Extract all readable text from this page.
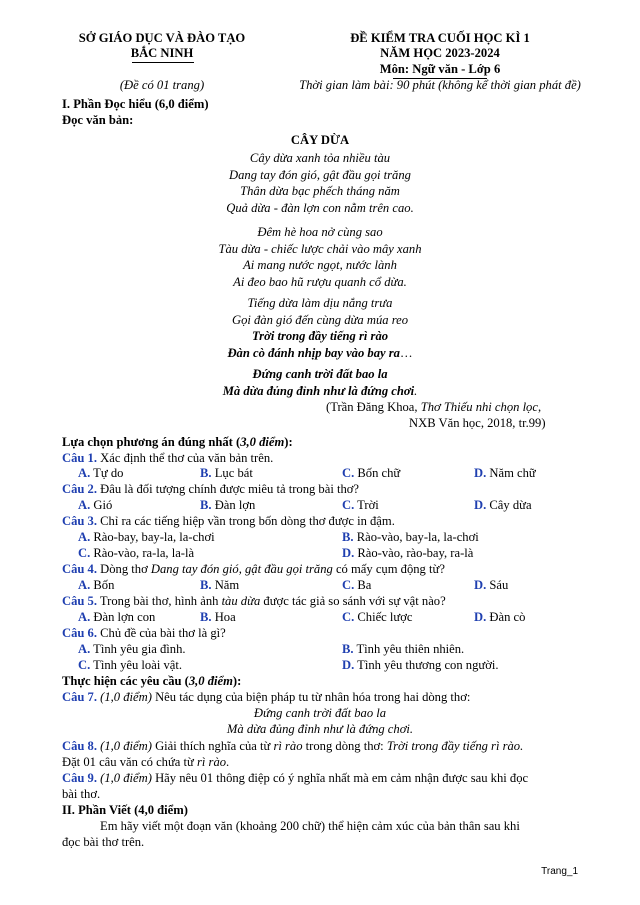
SỞ GIÁO DỤC VÀ ĐÀO TẠO
BẮC NINH
(Đề có 01 trang)
ĐỀ KIỂM TRA CUỐI HỌC KÌ 1
NĂM HỌC 2023-2024
Môn: Ngữ văn - Lớp 6
Thời gian làm bài: 90 phút (không kể thời gian phát đề)
I. Phần Đọc hiểu (6,0 điểm)
Đọc văn bản:
CÂY DỪA
Cây dừa xanh tỏa nhiều tàu
Dang tay đón gió, gật đầu gọi trăng
Thân dừa bạc phếch tháng năm
Quả dừa - đàn lợn con nằm trên cao.
Đêm hè hoa nở cùng sao
Tàu dừa - chiếc lược chải vào mây xanh
Ai mang nước ngọt, nước lành
Ai đeo bao hũ rượu quanh cổ dừa.
Tiếng dừa làm dịu nắng trưa
Gọi đàn gió đến cùng dừa múa reo
Trời trong đầy tiếng rì rào
Đàn cò đánh nhịp bay vào bay ra…
Đứng canh trời đất bao la
Mà dừa đủng đỉnh như là đứng chơi.
(Trần Đăng Khoa, Thơ Thiếu nhi chọn lọc,
NXB Văn học, 2018, tr.99)
Lựa chọn phương án đúng nhất (3,0 điểm):
Câu 1. Xác định thể thơ của văn bản trên.
A. Tự do	B. Lục bát	C. Bốn chữ	D. Năm chữ
Câu 2. Đâu là đối tượng chính được miêu tả trong bài thơ?
A. Gió	B. Đàn lợn	C. Trời	D. Cây dừa
Câu 3. Chỉ ra các tiếng hiệp vần trong bốn dòng thơ được in đậm.
A. Rào-bay, bay-la, la-chơi	B. Rào-vào, bay-la, la-chơi
C. Rào-vào, ra-la, la-là	D. Rào-vào, rào-bay, ra-là
Câu 4. Dòng thơ Dang tay đón gió, gật đầu gọi trăng có mấy cụm động từ?
A. Bốn	B. Năm	C. Ba	D. Sáu
Câu 5. Trong bài thơ, hình ảnh tàu dừa được tác giả so sánh với sự vật nào?
A. Đàn lợn con	B. Hoa	C. Chiếc lược	D. Đàn cò
Câu 6. Chủ đề của bài thơ là gì?
A. Tình yêu gia đình.	B. Tình yêu thiên nhiên.
C. Tình yêu loài vật.	D. Tình yêu thương con người.
Thực hiện các yêu cầu (3,0 điểm):
Câu 7. (1,0 điểm) Nêu tác dụng của biện pháp tu từ nhân hóa trong hai dòng thơ:
Đứng canh trời đất bao la
Mà dừa đủng đỉnh như là đứng chơi.
Câu 8. (1,0 điểm) Giải thích nghĩa của từ rì rào trong dòng thơ: Trời trong đầy tiếng rì rào.
Đặt 01 câu văn có chứa từ rì rào.
Câu 9. (1,0 điểm) Hãy nêu 01 thông điệp có ý nghĩa nhất mà em cảm nhận được sau khi đọc
bài thơ.
II. Phần Viết (4,0 điểm)
Em hãy viết một đoạn văn (khoảng 200 chữ) thể hiện cảm xúc của bản thân sau khi
đọc bài thơ trên.
Trang_1
